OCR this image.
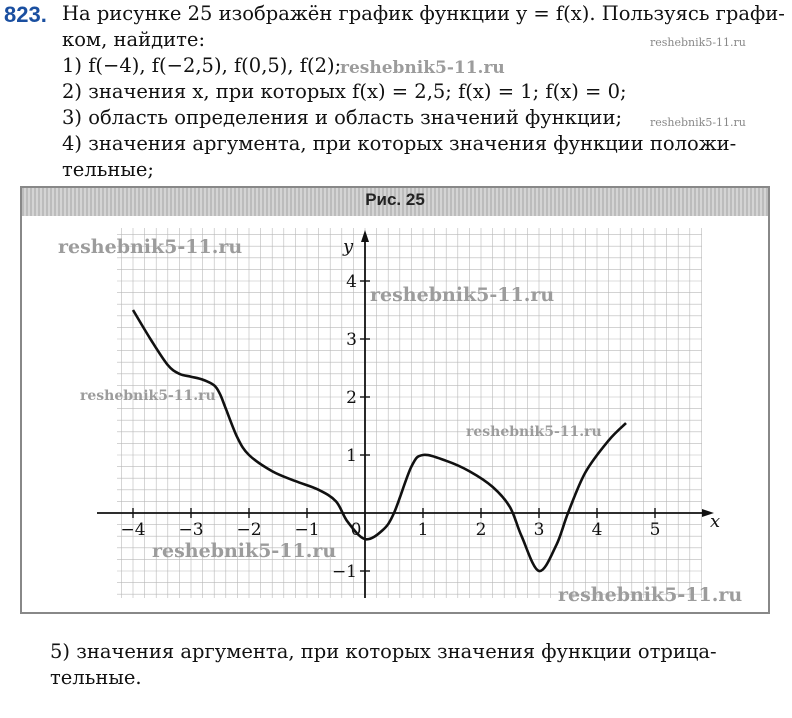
823. На рисунке 25 изображён график функции y = f(x). Пользуясь графи-
ком, найдите:
1) f(−4), f(−2,5), f(0,5), f(2);
2) значения x, при которых f(x) = 2,5; f(x) = 1; f(x) = 0;
3) область определения и область значений функции;
4) значения аргумента, при которых значения функции положи-
тельные;
reshebnik5-11.ru
reshebnik5-11.ru
reshebnik5-11.ru
Рис. 25
x
y
−4 −3 −2 −1 0	1	2	3	4	5
−1
1
2
3
4
reshebnik5-11.ru
reshebnik5-11.ru
reshebnik5-11.ru
reshebnik5-11.ru
reshebnik5-11.ru
reshebnik5-11.ru
5) значения аргумента, при которых значения функции отрица-
тельные.
